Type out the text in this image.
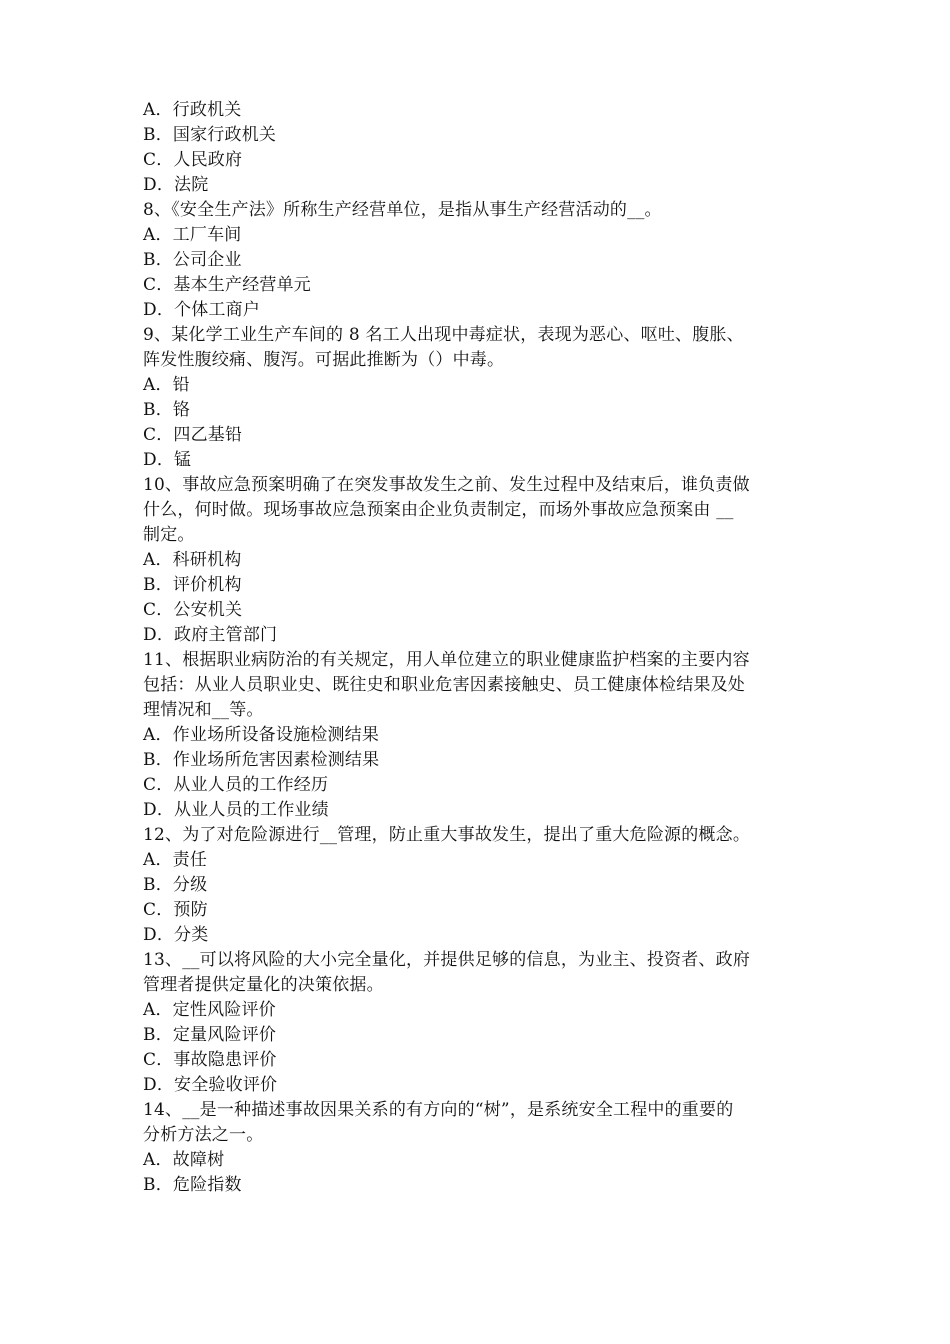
A．行政机关
B．国家行政机关
C．人民政府
D．法院
8、《安全生产法》所称生产经营单位，是指从事生产经营活动的__。
A．工厂车间
B．公司企业
C．基本生产经营单元
D．个体工商户
9、某化学工业生产车间的 8 名工人出现中毒症状，表现为恶心、呕吐、腹胀、
阵发性腹绞痛、腹泻。可据此推断为（）中毒。
A．铅
B．铬
C．四乙基铅
D．锰
10、事故应急预案明确了在突发事故发生之前、发生过程中及结束后，谁负责做
什么，何时做。现场事故应急预案由企业负责制定，而场外事故应急预案由 __
制定。
A．科研机构
B．评价机构
C．公安机关
D．政府主管部门
11、根据职业病防治的有关规定，用人单位建立的职业健康监护档案的主要内容
包括：从业人员职业史、既往史和职业危害因素接触史、员工健康体检结果及处
理情况和__等。
A．作业场所设备设施检测结果
B．作业场所危害因素检测结果
C．从业人员的工作经历
D．从业人员的工作业绩
12、为了对危险源进行__管理，防止重大事故发生，提出了重大危险源的概念。
A．责任
B．分级
C．预防
D．分类
13、__可以将风险的大小完全量化，并提供足够的信息，为业主、投资者、政府
管理者提供定量化的决策依据。
A．定性风险评价
B．定量风险评价
C．事故隐患评价
D．安全验收评价
14、__是一种描述事故因果关系的有方向的“树”，是系统安全工程中的重要的
分析方法之一。
A．故障树
B．危险指数
